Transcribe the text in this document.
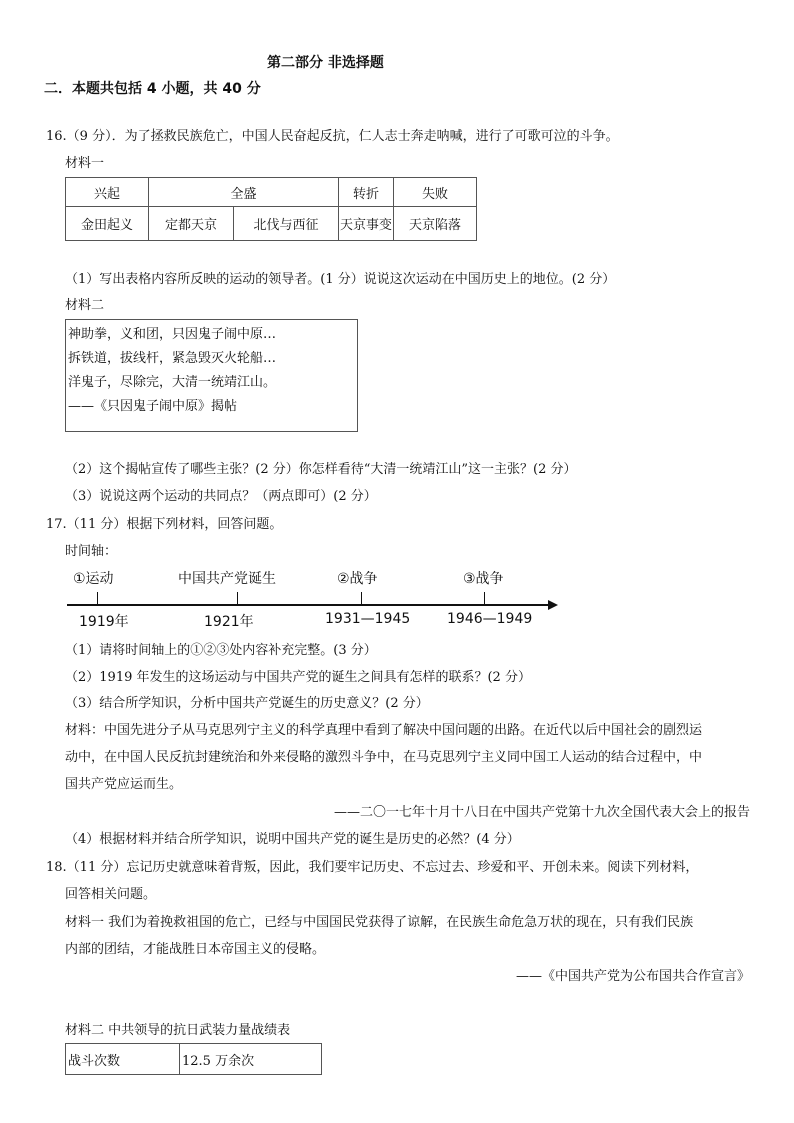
第二部分 非选择题
二．本题共包括 4 小题，共 40 分
16.（9 分）．为了拯救民族危亡，中国人民奋起反抗，仁人志士奔走呐喊，进行了可歌可泣的斗争。
材料一
兴起	全盛		转折	失败
金田起义	定都天京	北伐与西征	天京事变	天京陷落
（1）写出表格内容所反映的运动的领导者。(1 分）说说这次运动在中国历史上的地位。(2 分）
材料二
神助拳，义和团，只因鬼子闹中原…
拆铁道，拔线杆，紧急毁灭火轮船…
洋鬼子，尽除完，大清一统靖江山。
——《只因鬼子闹中原》揭帖
（2）这个揭帖宣传了哪些主张？(2 分）你怎样看待“大清一统靖江山”这一主张？(2 分）
（3）说说这两个运动的共同点？（两点即可）(2 分）
17.（11 分）根据下列材料，回答问题。
时间轴：
①运动	中国共产党诞生	②战争	③战争
1919年	1921年	1931—1945	1946—1949
（1）请将时间轴上的①②③处内容补充完整。(3 分）
（2）1919 年发生的这场运动与中国共产党的诞生之间具有怎样的联系？(2 分）
（3）结合所学知识，分析中国共产党诞生的历史意义？(2 分）
材料：中国先进分子从马克思列宁主义的科学真理中看到了解决中国问题的出路。在近代以后中国社会的剧烈运
动中，在中国人民反抗封建统治和外来侵略的激烈斗争中，在马克思列宁主义同中国工人运动的结合过程中，中
国共产党应运而生。
——二〇一七年十月十八日在中国共产党第十九次全国代表大会上的报告
（4）根据材料并结合所学知识，说明中国共产党的诞生是历史的必然？(4 分）
18.（11 分）忘记历史就意味着背叛，因此，我们要牢记历史、不忘过去、珍爱和平、开创未来。阅读下列材料，
回答相关问题。
材料一 我们为着挽救祖国的危亡，已经与中国国民党获得了谅解，在民族生命危急万状的现在，只有我们民族
内部的团结，才能战胜日本帝国主义的侵略。
——《中国共产党为公布国共合作宣言》
材料二 中共领导的抗日武装力量战绩表
战斗次数	12.5 万余次
